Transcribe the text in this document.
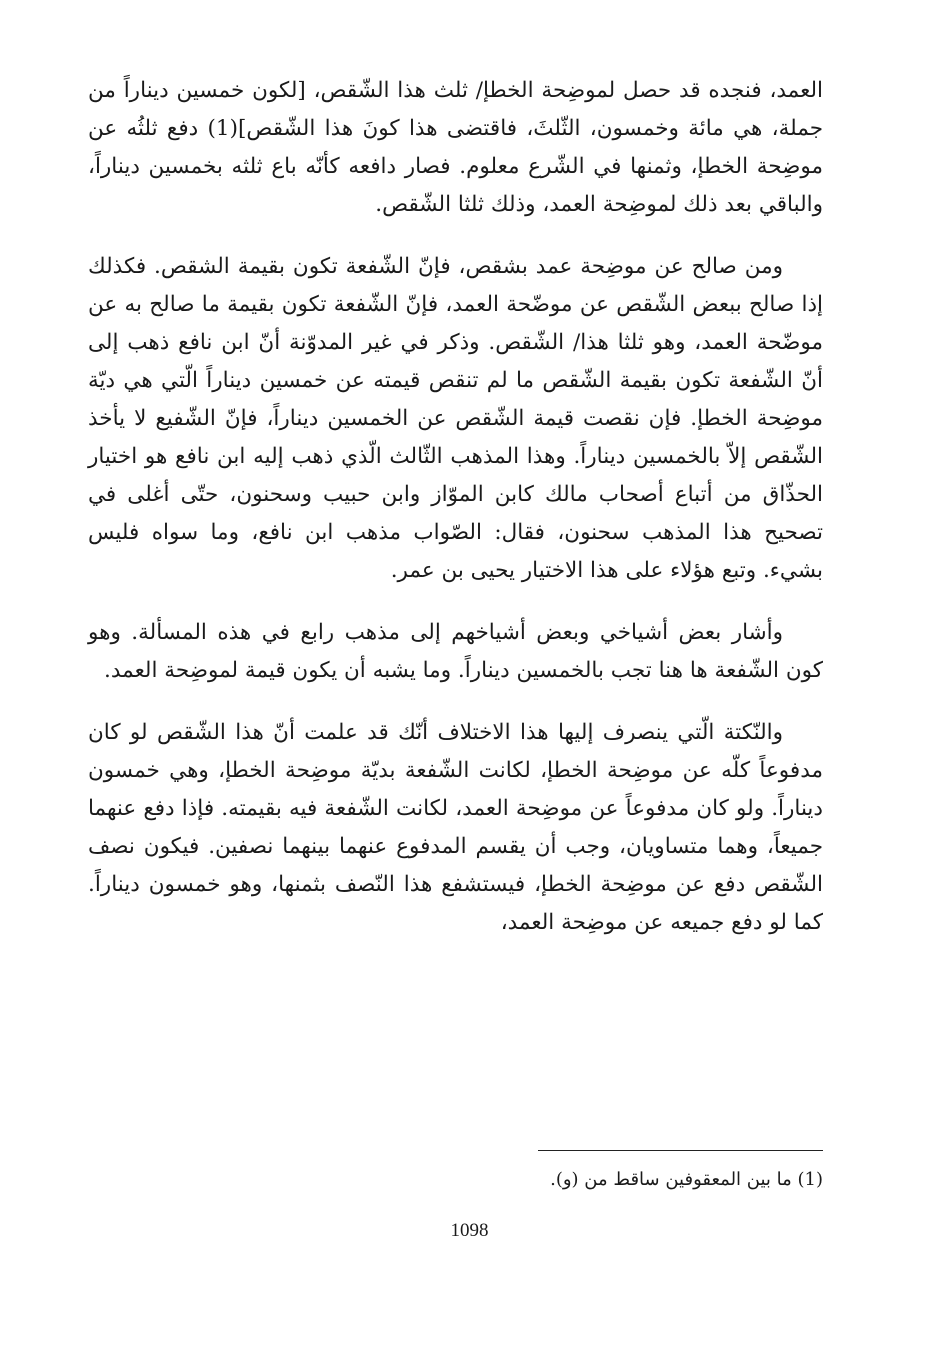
العمد، فنجده قد حصل لموضِحة الخطإ/ ثلث هذا الشّقص، [لكون خمسين ديناراً من جملة، هي مائة وخمسون، الثّلثَ، فاقتضى هذا كونَ هذا الشّقص](1) دفع ثلثُه عن موضِحة الخطإ، وثمنها في الشّرع معلوم. فصار دافعه كأنّه باع ثلثه بخمسين ديناراً، والباقي بعد ذلك لموضِحة العمد، وذلك ثلثا الشّقص.

ومن صالح عن موضِحة عمد بشقص، فإنّ الشّفعة تكون بقيمة الشقص. فكذلك إذا صالح ببعض الشّقص عن موضّحة العمد، فإنّ الشّفعة تكون بقيمة ما صالح به عن موضّحة العمد، وهو ثلثا هذا/ الشّقص. وذكر في غير المدوّنة أنّ ابن نافع ذهب إلى أنّ الشّفعة تكون بقيمة الشّقص ما لم تنقص قيمته عن خمسين ديناراً الّتي هي ديّة موضِحة الخطإ. فإن نقصت قيمة الشّقص عن الخمسين ديناراً، فإنّ الشّفيع لا يأخذ الشّقص إلاّ بالخمسين ديناراً. وهذا المذهب الثّالث الّذي ذهب إليه ابن نافع هو اختيار الحذّاق من أتباع أصحاب مالك كابن الموّاز وابن حبيب وسحنون، حتّى أغلى في تصحيح هذا المذهب سحنون، فقال: الصّواب مذهب ابن نافع، وما سواه فليس بشيء. وتبع هؤلاء على هذا الاختيار يحيى بن عمر.

وأشار بعض أشياخي وبعض أشياخهم إلى مذهب رابع في هذه المسألة. وهو كون الشّفعة ها هنا تجب بالخمسين ديناراً. وما يشبه أن يكون قيمة لموضِحة العمد.

والنّكتة الّتي ينصرف إليها هذا الاختلاف أنّك قد علمت أنّ هذا الشّقص لو كان مدفوعاً كلّه عن موضِحة الخطإ، لكانت الشّفعة بديّة موضِحة الخطإ، وهي خمسون ديناراً. ولو كان مدفوعاً عن موضِحة العمد، لكانت الشّفعة فيه بقيمته. فإذا دفع عنهما جميعاً، وهما متساويان، وجب أن يقسم المدفوع عنهما بينهما نصفين. فيكون نصف الشّقص دفع عن موضِحة الخطإ، فيستشفع هذا النّصف بثمنها، وهو خمسون ديناراً. كما لو دفع جميعه عن موضِحة العمد،

(1) ما بين المعقوفين ساقط من (و).
1098
